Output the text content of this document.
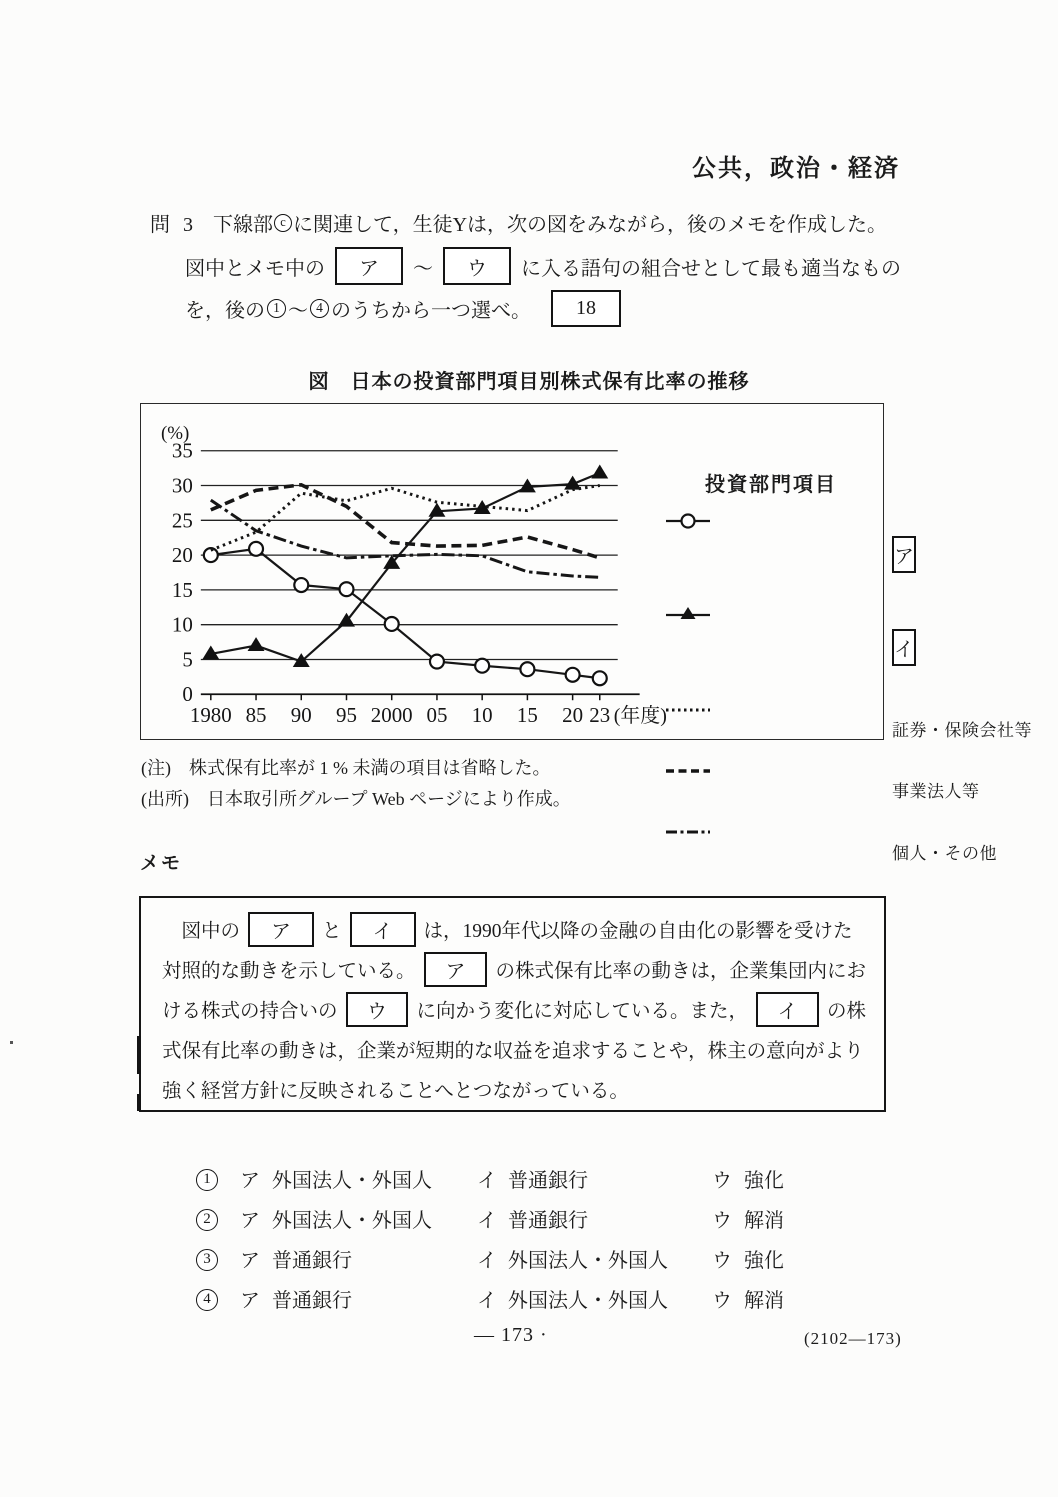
公共，政治・経済
問 3 下線部 c に関連して，生徒Yは，次の図をみながら，後のメモを作成した。
図中とメモ中の	ア	～	ウ	に入る語句の組合せとして最も適当なもの
を，後の 1 ～ 4 のうちから一つ選べ。	18
図　日本の投資部門項目別株式保有比率の推移
(%)
35
30
25
20
15
10
5
0
1980 85 90 95 2000 05 10 15 20 23 (年度)
投資部門項目
ア
イ
証券・保険会社等
事業法人等
個人・その他
(注)　株式保有比率が 1 % 未満の項目は省略した。
(出所)　日本取引所グループ Web ページにより作成。
メモ
　図中の	ア	と	イ	は，1990年代以降の金融の自由化の影響を受けた
対照的な動きを示している。	ア	の株式保有比率の動きは，企業集団内にお
ける株式の持合いの	ウ	に向かう変化に対応している。また，	イ	の株
式保有比率の動きは，企業が短期的な収益を追求することや，株主の意向がより
強く経営方針に反映されることへとつながっている。
1	ア 外国法人・外国人	イ 普通銀行	ウ 強化
2	ア 外国法人・外国人	イ 普通銀行	ウ 解消
3	ア 普通銀行	イ 外国法人・外国人	ウ 強化
4	ア 普通銀行	イ 外国法人・外国人	ウ 解消
— 173 ·	(2102—173)
